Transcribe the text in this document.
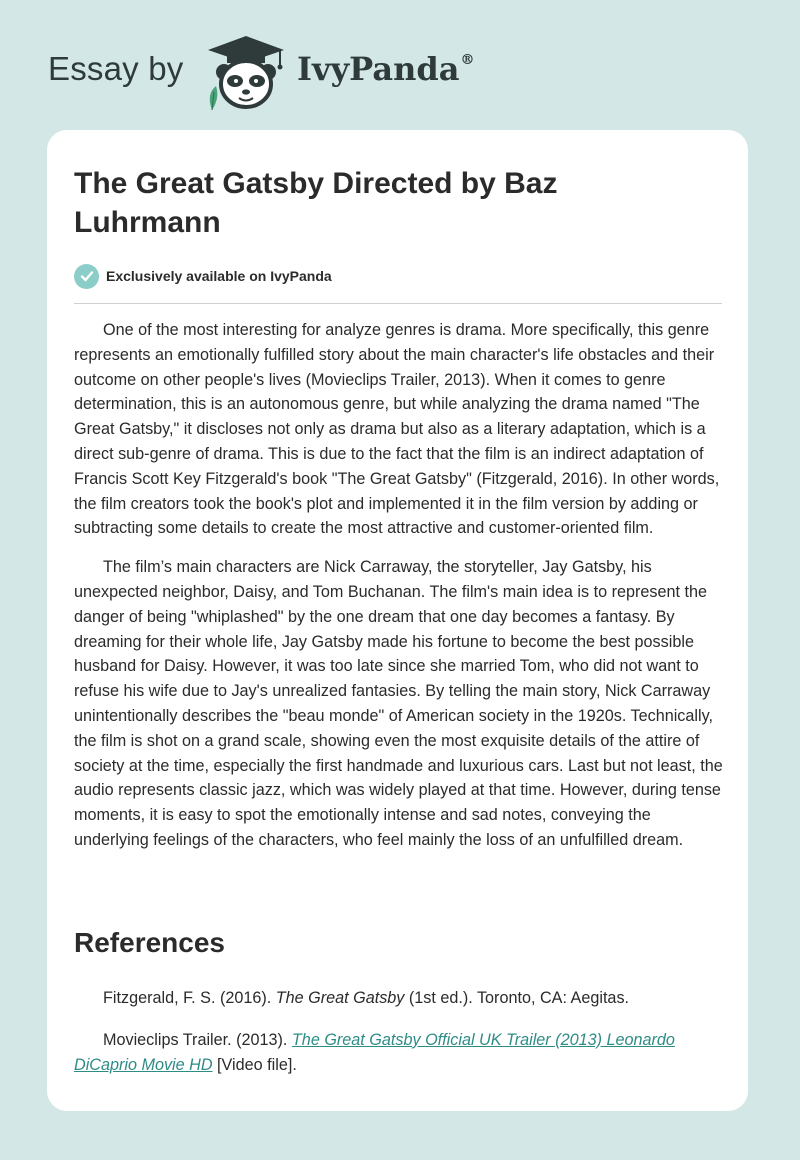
Essay by	IvyPanda®
The Great Gatsby Directed by Baz Luhrmann
Exclusively available on IvyPanda

One of the most interesting for analyze genres is drama. More specifically, this genre represents an emotionally fulfilled story about the main character's life obstacles and their outcome on other people's lives (Movieclips Trailer, 2013). When it comes to genre determination, this is an autonomous genre, but while analyzing the drama named "The Great Gatsby," it discloses not only as drama but also as a literary adaptation, which is a direct sub-genre of drama. This is due to the fact that the film is an indirect adaptation of Francis Scott Key Fitzgerald's book "The Great Gatsby" (Fitzgerald, 2016). In other words, the film creators took the book's plot and implemented it in the film version by adding or subtracting some details to create the most attractive and customer-oriented film.

The film’s main characters are Nick Carraway, the storyteller, Jay Gatsby, his unexpected neighbor, Daisy, and Tom Buchanan. The film's main idea is to represent the danger of being "whiplashed" by the one dream that one day becomes a fantasy. By dreaming for their whole life, Jay Gatsby made his fortune to become the best possible husband for Daisy. However, it was too late since she married Tom, who did not want to refuse his wife due to Jay's unrealized fantasies. By telling the main story, Nick Carraway unintentionally describes the "beau monde" of American society in the 1920s. Technically, the film is shot on a grand scale, showing even the most exquisite details of the attire of society at the time, especially the first handmade and luxurious cars. Last but not least, the audio represents classic jazz, which was widely played at that time. However, during tense moments, it is easy to spot the emotionally intense and sad notes, conveying the underlying feelings of the characters, who feel mainly the loss of an unfulfilled dream.

References

Fitzgerald, F. S. (2016). The Great Gatsby (1st ed.). Toronto, CA: Aegitas.

Movieclips Trailer. (2013). The Great Gatsby Official UK Trailer (2013) Leonardo DiCaprio Movie HD [Video file].
